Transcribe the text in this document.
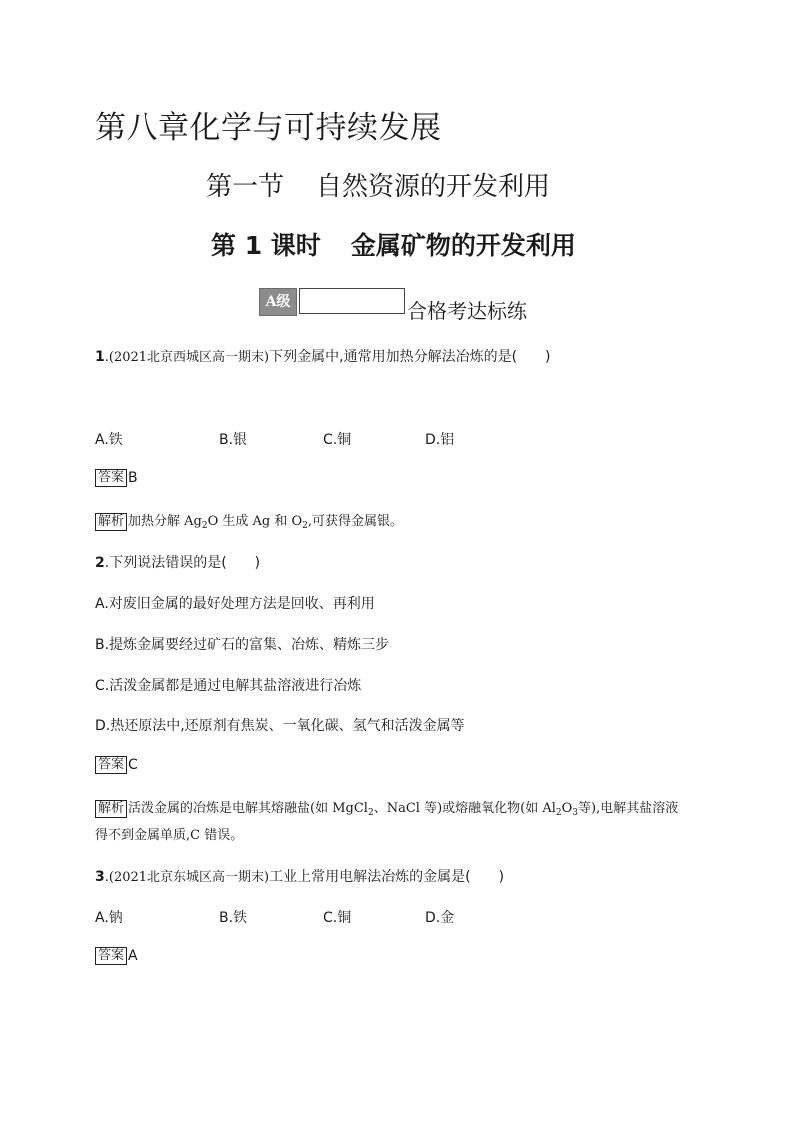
第八章化学与可持续发展
第一节 自然资源的开发利用
第 1 课时 金属矿物的开发利用
A级	合格考达标练
1.(2021北京西城区高一期末)下列金属中,通常用加热分解法冶炼的是(　　)
A.铁	B.银	C.铜	D.铝
答案 B
解析 加热分解 $Ag_2O$ 生成 Ag 和 $O_2$,可获得金属银。
2.下列说法错误的是(　　)
A.对废旧金属的最好处理方法是回收、再利用
B.提炼金属要经过矿石的富集、冶炼、精炼三步
C.活泼金属都是通过电解其盐溶液进行冶炼
D.热还原法中,还原剂有焦炭、一氧化碳、氢气和活泼金属等
答案 C
解析 活泼金属的冶炼是电解其熔融盐(如 MgCl$_2$、NaCl 等)或熔融氧化物(如 $Al_2O_3$等),电解其盐溶液
得不到金属单质,C 错误。
3.(2021北京东城区高一期末)工业上常用电解法冶炼的金属是(　　)
A.钠	B.铁	C.铜	D.金
答案 A
